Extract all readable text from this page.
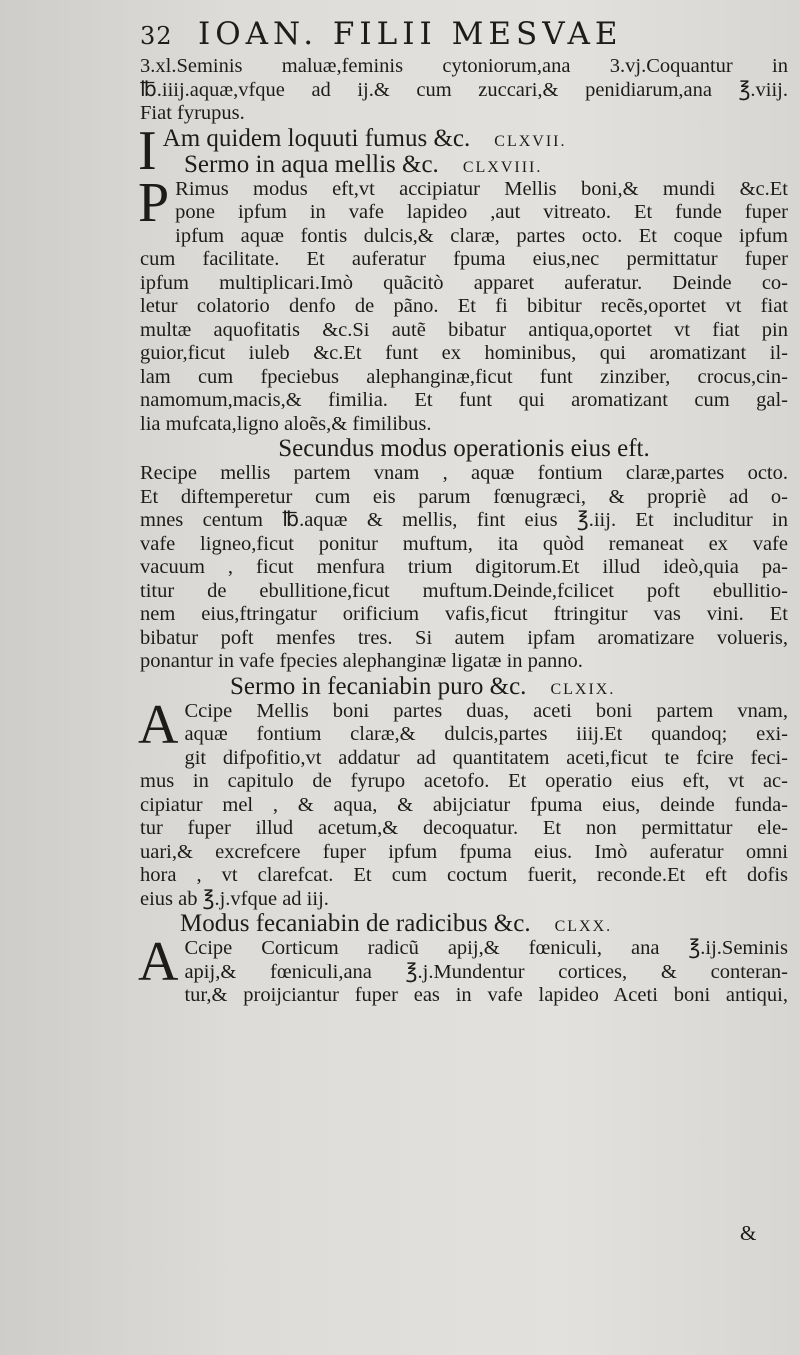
32 IOAN. FILII MESVAE
3.xl.Seminis maluæ,feminis cytoniorum,ana 3.vj.Coquantur in
℔.iiij.aquæ,vfque ad ij.& cum zuccari,& penidiarum,ana ℥.viij.
Fiat fyrupus.
I Am quidem loquuti fumus &c. CLXVII.
Sermo in aqua mellis &c. CLXVIII.
P Rimus modus eft,vt accipiatur Mellis boni,& mundi &c.Et
pone ipfum in vafe lapideo ,aut vitreato. Et funde fuper
ipfum aquæ fontis dulcis,& claræ, partes octo. Et coque ipfum
cum facilitate. Et auferatur fpuma eius,nec permittatur fuper
ipfum multiplicari.Imò quãcitò apparet auferatur. Deinde co-
letur colatorio denfo de pãno. Et fi bibitur recẽs,oportet vt fiat
multæ aquofitatis &c.Si autẽ bibatur antiqua,oportet vt fiat pin
guior,ficut iuleb &c.Et funt ex hominibus, qui aromatizant il-
lam cum fpeciebus alephanginæ,ficut funt zinziber, crocus,cin-
namomum,macis,& fimilia. Et funt qui aromatizant cum gal-
lia mufcata,ligno aloẽs,& fimilibus.
Secundus modus operationis eius eft.
Recipe mellis partem vnam , aquæ fontium claræ,partes octo.
Et diftemperetur cum eis parum fœnugræci, & propriè ad o-
mnes centum ℔.aquæ & mellis, fint eius ℥.iij. Et includitur in
vafe ligneo,ficut ponitur muftum, ita quòd remaneat ex vafe
vacuum , ficut menfura trium digitorum.Et illud ideò,quia pa-
titur de ebullitione,ficut muftum.Deinde,fcilicet poft ebullitio-
nem eius,ftringatur orificium vafis,ficut ftringitur vas vini. Et
bibatur poft menfes tres. Si autem ipfam aromatizare volueris,
ponantur in vafe fpecies alephanginæ ligatæ in panno.
Sermo in fecaniabin puro &c. CLXIX.
A Ccipe Mellis boni partes duas, aceti boni partem vnam,
aquæ fontium claræ,& dulcis,partes iiij.Et quandoq; exi-
git difpofitio,vt addatur ad quantitatem aceti,ficut te fcire feci-
mus in capitulo de fyrupo acetofo. Et operatio eius eft, vt ac-
cipiatur mel , & aqua, & abijciatur fpuma eius, deinde funda-
tur fuper illud acetum,& decoquatur. Et non permittatur ele-
uari,& excrefcere fuper ipfum fpuma eius. Imò auferatur omni
hora , vt clarefcat. Et cum coctum fuerit, reconde.Et eft dofis
eius ab ℥.j.vfque ad iij.
Modus fecaniabin de radicibus &c. CLXX.
A Ccipe Corticum radicũ apij,& fœniculi, ana ℥.ij.Seminis
apij,& fœniculi,ana ℥.j.Mundentur cortices, & conteran-
tur,& proijciantur fuper eas in vafe lapideo Aceti boni antiqui,
&
